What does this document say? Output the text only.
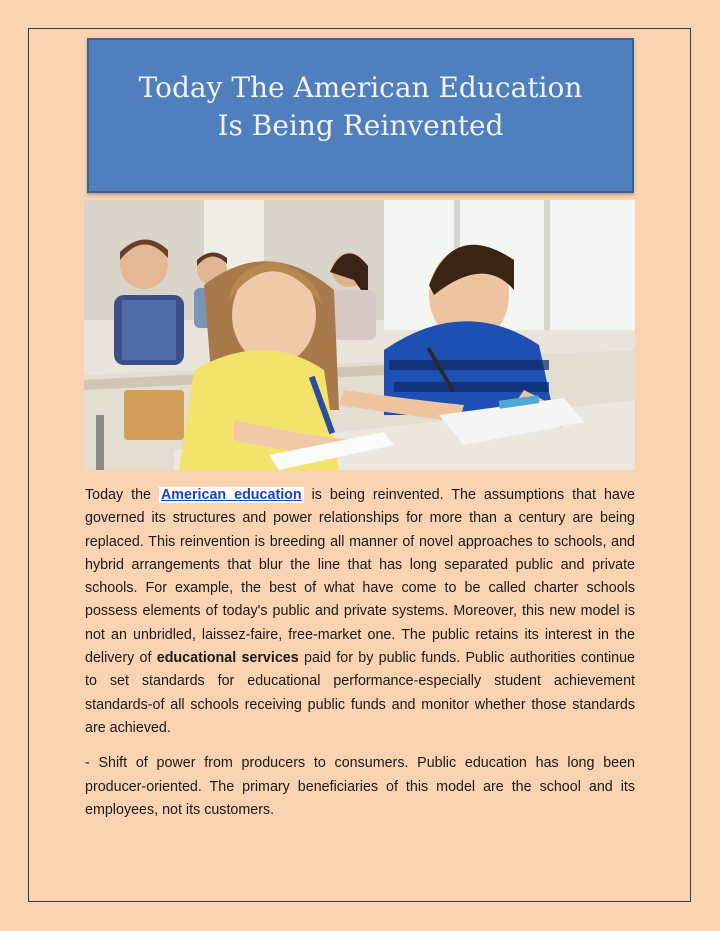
Today The American Education Is Being Reinvented

Today the American education is being reinvented. The assumptions that have governed its structures and power relationships for more than a century are being replaced. This reinvention is breeding all manner of novel approaches to schools, and hybrid arrangements that blur the line that has long separated public and private schools. For example, the best of what have come to be called charter schools possess elements of today's public and private systems. Moreover, this new model is not an unbridled, laissez-faire, free-market one. The public retains its interest in the delivery of educational services paid for by public funds. Public authorities continue to set standards for educational performance-especially student achievement standards-of all schools receiving public funds and monitor whether those standards are achieved.

- Shift of power from producers to consumers. Public education has long been producer-oriented. The primary beneficiaries of this model are the school and its employees, not its customers.
